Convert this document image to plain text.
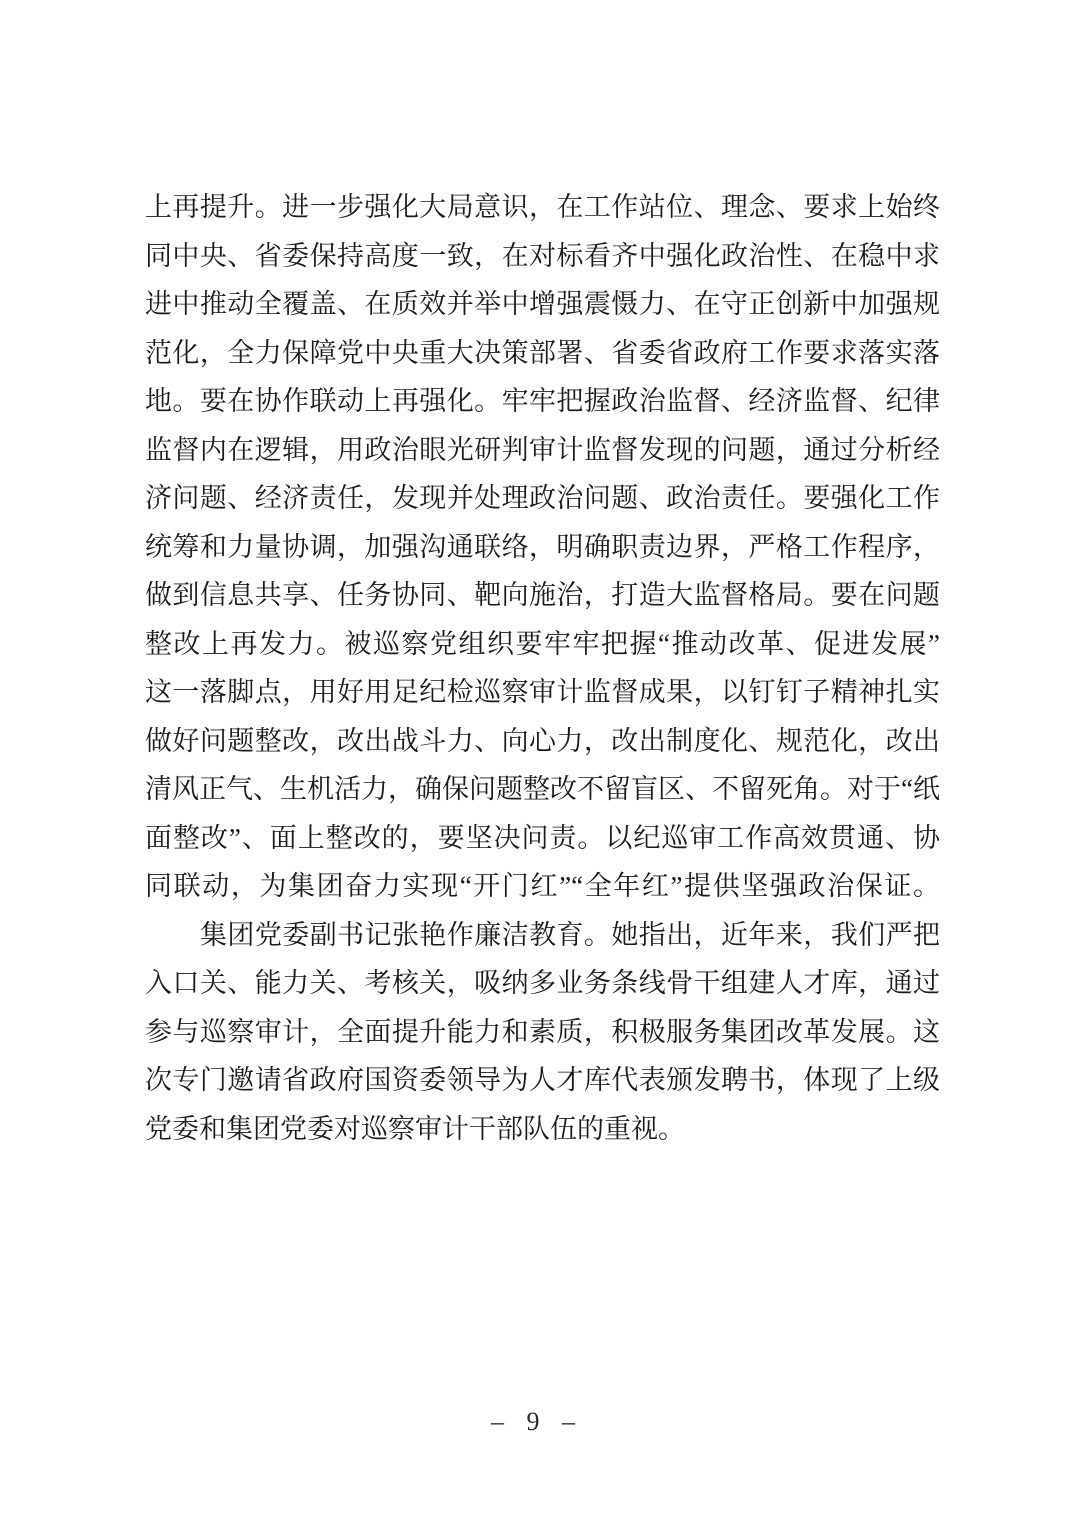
上再提升。进一步强化大局意识，在工作站位、理念、要求上始终
同中央、省委保持高度一致，在对标看齐中强化政治性、在稳中求
进中推动全覆盖、在质效并举中增强震慑力、在守正创新中加强规
范化，全力保障党中央重大决策部署、省委省政府工作要求落实落
地。要在协作联动上再强化。牢牢把握政治监督、经济监督、纪律
监督内在逻辑，用政治眼光研判审计监督发现的问题，通过分析经
济问题、经济责任，发现并处理政治问题、政治责任。要强化工作
统筹和力量协调，加强沟通联络，明确职责边界，严格工作程序，
做到信息共享、任务协同、靶向施治，打造大监督格局。要在问题
整改上再发力。被巡察党组织要牢牢把握“推动改革、促进发展”
这一落脚点，用好用足纪检巡察审计监督成果，以钉钉子精神扎实
做好问题整改，改出战斗力、向心力，改出制度化、规范化，改出
清风正气、生机活力，确保问题整改不留盲区、不留死角。对于“纸
面整改”、面上整改的，要坚决问责。以纪巡审工作高效贯通、协
同联动，为集团奋力实现“开门红”“全年红”提供坚强政治保证。
集团党委副书记张艳作廉洁教育。她指出，近年来，我们严把
入口关、能力关、考核关，吸纳多业务条线骨干组建人才库，通过
参与巡察审计，全面提升能力和素质，积极服务集团改革发展。这
次专门邀请省政府国资委领导为人才库代表颁发聘书，体现了上级
党委和集团党委对巡察审计干部队伍的重视。
– 9 –
